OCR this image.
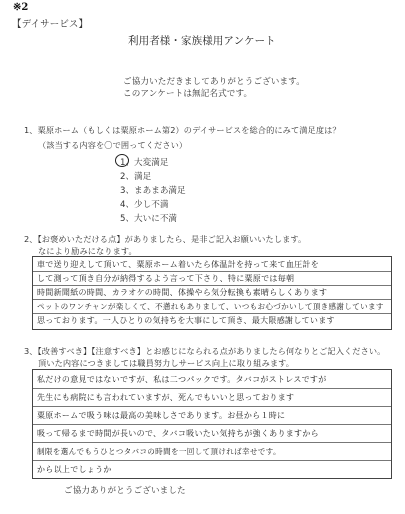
※2
【デイサービス】
利用者様・家族様用アンケート
ご協力いただきましてありがとうございます。
このアンケートは無記名式です。
1、粟原ホーム（もしくは粟原ホーム第2）のデイサービスを総合的にみて満足度は？
（該当する内容を〇で囲ってください）
1、大変満足
2、満足
3、まあまあ満足
4、少し不満
5、大いに不満
2、【お褒めいただける点】がありましたら、是非ご記入お願いいたします。
なにより励みになります。
車で送り迎えして頂いて、粟原ホーム着いたら体温計を持って来て血圧計を
して測って頂き自分が納得するよう言って下さり、特に粟原では毎朝
時間新聞紙の時間、カラオケの時間、体操やら気分転換も素晴らしくあります
ペットのワンチャンが楽しくて、不懣れもありまして、いつもお心づかいして頂き感謝しています
思っております。一人ひとりの気持ちを大事にして頂き、最大限感謝しています
3、【改善すべき】【注意すべき】とお感じになられる点がありましたら何なりとご記入ください。
頂いた内容につきましては職員努力しサービス向上に取り組みます。
私だけの意見ではないですが、私は二つパックです。タバコがストレスですが
先生にも病院にも言われていますが、死んでもいいと思っております
粟原ホームで吸う味は最高の美味しさであります。お昼から１時に
吸って帰るまで時間が長いので、タバコ吸いたい気持ちが強くありますから
制限を選んでもうひとつタバコの時間を一回して頂ければ幸せです。
から以上でしょうか
ご協力ありがとうございました
